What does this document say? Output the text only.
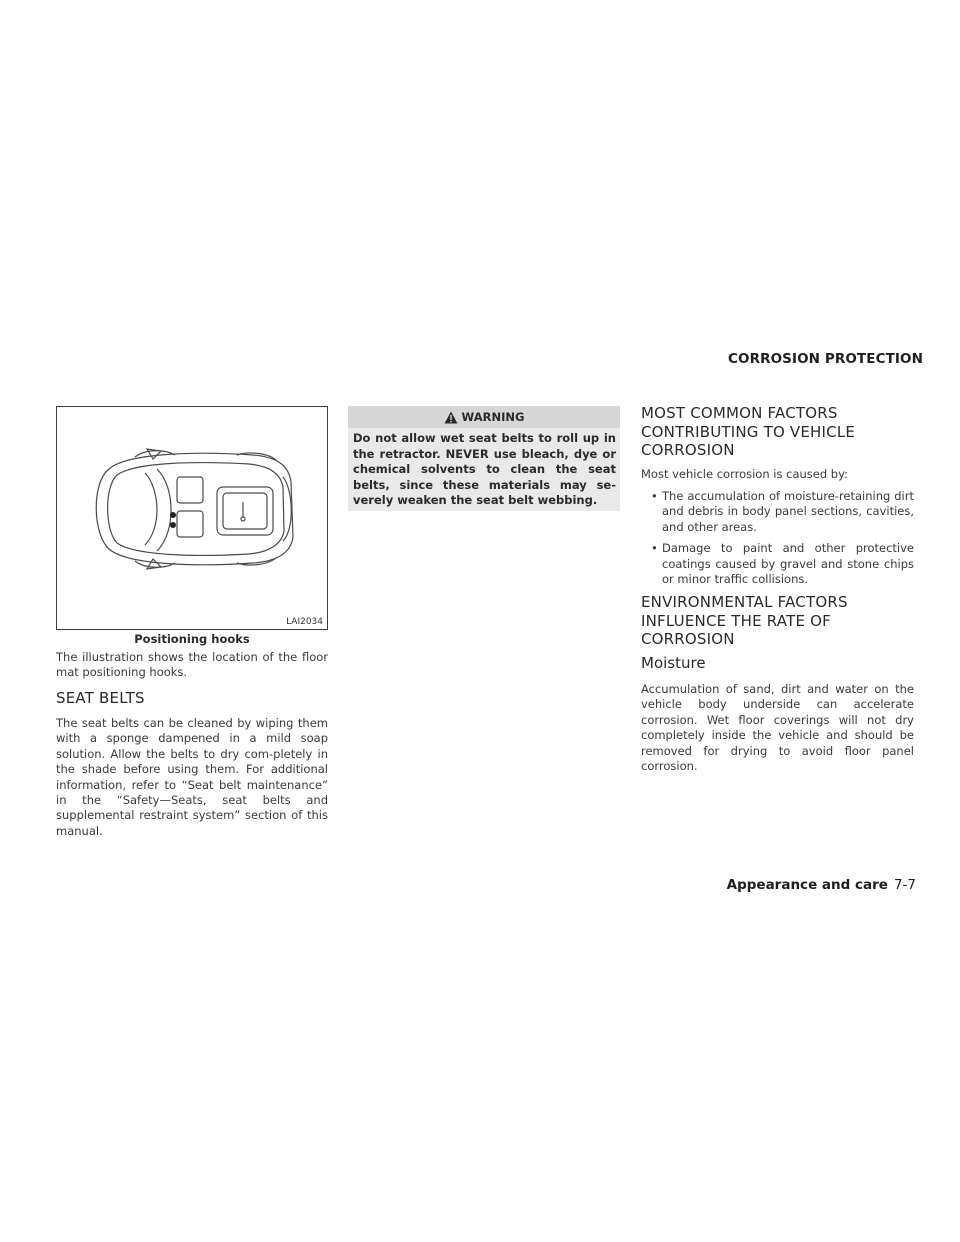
CORROSION PROTECTION
LAI2034
Positioning hooks
The illustration shows the location of the floor mat positioning hooks.
SEAT BELTS
The seat belts can be cleaned by wiping them with a sponge dampened in a mild soap solution. Allow the belts to dry com-pletely in the shade before using them. For additional information, refer to “Seat belt maintenance” in the “Safety—Seats, seat belts and supplemental restraint system” section of this manual.
WARNING
Do not allow wet seat belts to roll up in the retractor. NEVER use bleach, dye or chemical solvents to clean the seat belts, since these materials may se-verely weaken the seat belt webbing.
MOST COMMON FACTORS CONTRIBUTING TO VEHICLE CORROSION
Most vehicle corrosion is caused by:
• The accumulation of moisture-retaining dirt and debris in body panel sections, cavities, and other areas.
• Damage to paint and other protective coatings caused by gravel and stone chips or minor traffic collisions.
ENVIRONMENTAL FACTORS INFLUENCE THE RATE OF CORROSION
Moisture
Accumulation of sand, dirt and water on the vehicle body underside can accelerate corrosion. Wet floor coverings will not dry completely inside the vehicle and should be removed for drying to avoid floor panel corrosion.
Appearance and care 7-7
